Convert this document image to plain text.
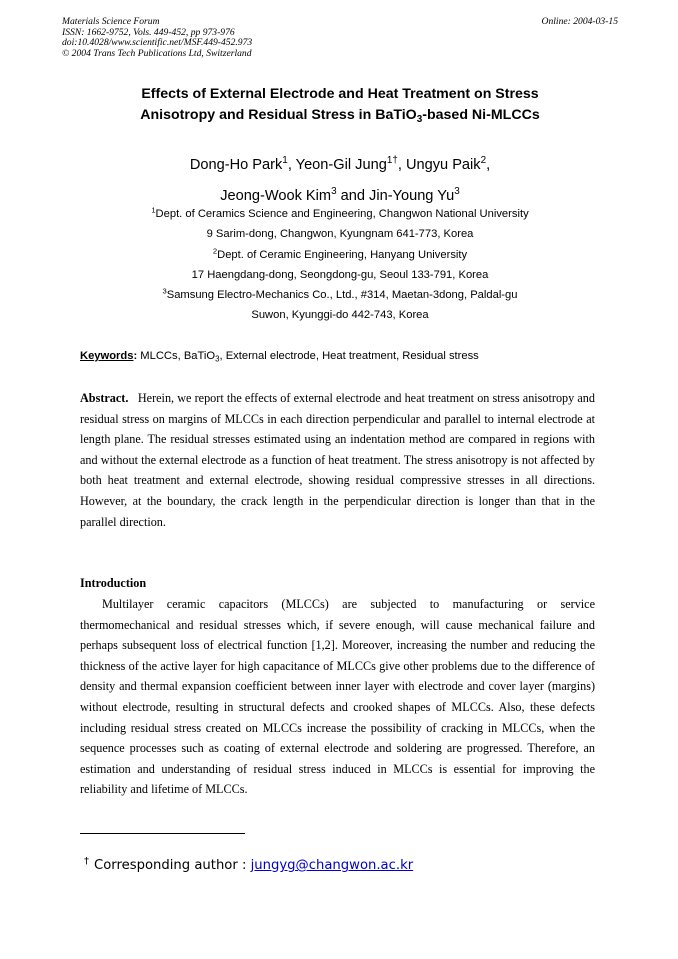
Materials Science Forum
ISSN: 1662-9752, Vols. 449-452, pp 973-976
doi:10.4028/www.scientific.net/MSF.449-452.973
© 2004 Trans Tech Publications Ltd, Switzerland
Online: 2004-03-15
Effects of External Electrode and Heat Treatment on Stress
Anisotropy and Residual Stress in BaTiO$_3$-based Ni-MLCCs
Dong-Ho Park$^1$, Yeon-Gil Jung$^{1\dagger}$, Ungyu Paik$^2$,
Jeong-Wook Kim$^3$ and Jin-Young Yu$^3$
$^1$Dept. of Ceramics Science and Engineering, Changwon National University
9 Sarim-dong, Changwon, Kyungnam 641-773, Korea
$^2$Dept. of Ceramic Engineering, Hanyang University
17 Haengdang-dong, Seongdong-gu, Seoul 133-791, Korea
$^3$Samsung Electro-Mechanics Co., Ltd., #314, Maetan-3dong, Paldal-gu
Suwon, Kyunggi-do 442-743, Korea
Keywords: MLCCs, BaTiO$_3$, External electrode, Heat treatment, Residual stress
Abstract. Herein, we report the effects of external electrode and heat treatment on stress anisotropy and residual stress on margins of MLCCs in each direction perpendicular and parallel to internal electrode at length plane. The residual stresses estimated using an indentation method are compared in regions with and without the external electrode as a function of heat treatment. The stress anisotropy is not affected by both heat treatment and external electrode, showing residual compressive stresses in all directions. However, at the boundary, the crack length in the perpendicular direction is longer than that in the parallel direction.
Introduction
Multilayer ceramic capacitors (MLCCs) are subjected to manufacturing or service thermomechanical and residual stresses which, if severe enough, will cause mechanical failure and perhaps subsequent loss of electrical function [1,2]. Moreover, increasing the number and reducing the thickness of the active layer for high capacitance of MLCCs give other problems due to the difference of density and thermal expansion coefficient between inner layer with electrode and cover layer (margins) without electrode, resulting in structural defects and crooked shapes of MLCCs. Also, these defects including residual stress created on MLCCs increase the possibility of cracking in MLCCs, when the sequence processes such as coating of external electrode and soldering are progressed. Therefore, an estimation and understanding of residual stress induced in MLCCs is essential for improving the reliability and lifetime of MLCCs.
† Corresponding author : jungyg@changwon.ac.kr
